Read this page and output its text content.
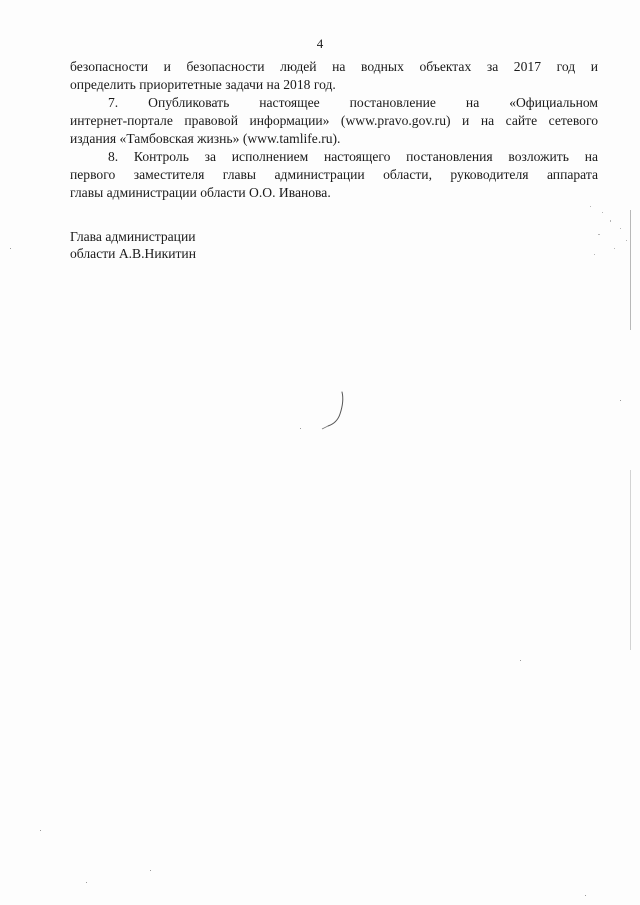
4

безопасности и безопасности людей на водных объектах за 2017 год и
определить приоритетные задачи на 2018 год.

7. Опубликовать настоящее постановление на «Официальном
интернет-портале правовой информации» (www.pravo.gov.ru) и на сайте сетевого
издания «Тамбовская жизнь» (www.tamlife.ru).

8. Контроль за исполнением настоящего постановления возложить на
первого заместителя главы администрации области, руководителя аппарата
главы администрации области О.О. Иванова.

Глава администрации
области А.В.Никитин
